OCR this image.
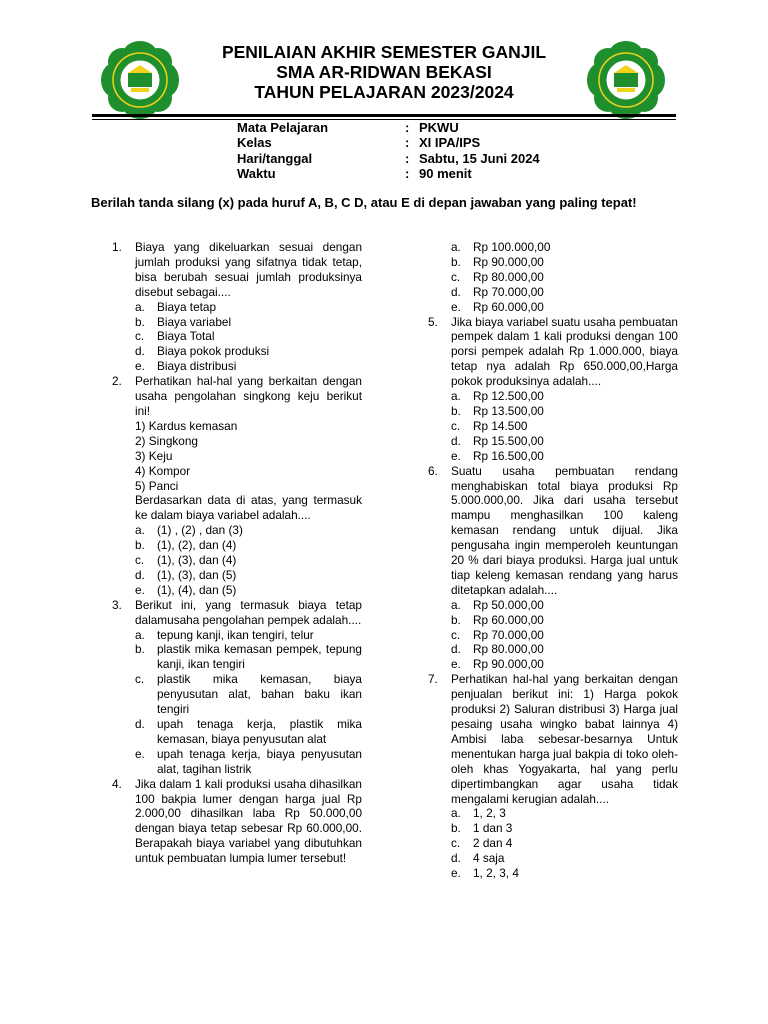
PENILAIAN AKHIR SEMESTER GANJIL
SMA AR-RIDWAN BEKASI
TAHUN PELAJARAN 2023/2024
Mata Pelajaran	: PKWU
Kelas	: XI IPA/IPS
Hari/tanggal	: Sabtu, 15 Juni 2024
Waktu	: 90 menit
Berilah tanda silang (x) pada huruf A, B, C D, atau E di depan jawaban yang paling tepat!
1.	Biaya yang dikeluarkan sesuai dengan jumlah produksi yang sifatnya tidak tetap, bisa berubah sesuai jumlah produksinya disebut sebagai....
a.	Biaya tetap
b.	Biaya variabel
c.	Biaya Total
d.	Biaya pokok produksi
e.	Biaya distribusi
2.	Perhatikan hal-hal yang berkaitan dengan usaha pengolahan singkong keju berikut ini!
1) Kardus kemasan
2) Singkong
3) Keju
4) Kompor
5) Panci
Berdasarkan data di atas, yang termasuk ke dalam biaya variabel adalah....
a.	(1) , (2) , dan (3)
b.	(1), (2), dan (4)
c.	(1), (3), dan (4)
d.	(1), (3), dan (5)
e.	(1), (4), dan (5)
3.	Berikut ini, yang termasuk biaya tetap dalamusaha pengolahan pempek adalah....
a.	tepung kanji, ikan tengiri, telur
b.	plastik mika kemasan pempek, tepung kanji, ikan tengiri
c.	plastik mika kemasan, biaya penyusutan alat, bahan baku ikan tengiri
d.	upah tenaga kerja, plastik mika kemasan, biaya penyusutan alat
e.	upah tenaga kerja, biaya penyusutan alat, tagihan listrik
4.	Jika dalam 1 kali produksi usaha dihasilkan 100 bakpia lumer dengan harga jual Rp 2.000,00 dihasilkan laba Rp 50.000,00 dengan biaya tetap sebesar Rp 60.000,00. Berapakah biaya variabel yang dibutuhkan untuk pembuatan lumpia lumer tersebut!
a.	Rp 100.000,00
b.	Rp 90.000,00
c.	Rp 80.000,00
d.	Rp 70.000,00
e.	Rp 60.000,00
5.	Jika biaya variabel suatu usaha pembuatan pempek dalam 1 kali produksi dengan 100 porsi pempek adalah Rp 1.000.000, biaya tetap nya adalah Rp 650.000,00,Harga pokok produksinya adalah....
a.	Rp 12.500,00
b.	Rp 13.500,00
c.	Rp 14.500
d.	Rp 15.500,00
e.	Rp 16.500,00
6.	Suatu usaha pembuatan rendang menghabiskan total biaya produksi Rp 5.000.000,00. Jika dari usaha tersebut mampu menghasilkan 100 kaleng kemasan rendang untuk dijual. Jika pengusaha ingin memperoleh keuntungan 20 % dari biaya produksi. Harga jual untuk tiap keleng kemasan rendang yang harus ditetapkan adalah....
a.	Rp 50.000,00
b.	Rp 60.000,00
c.	Rp 70.000,00
d.	Rp 80.000,00
e.	Rp 90.000,00
7.	Perhatikan hal-hal yang berkaitan dengan penjualan berikut ini: 1) Harga pokok produksi 2) Saluran distribusi 3) Harga jual pesaing usaha wingko babat lainnya 4) Ambisi laba sebesar-besarnya Untuk menentukan harga jual bakpia di toko oleh-oleh khas Yogyakarta, hal yang perlu dipertimbangkan agar usaha tidak mengalami kerugian adalah....
a.	1, 2, 3
b.	1 dan 3
c.	2 dan 4
d.	4 saja
e.	1, 2, 3, 4
